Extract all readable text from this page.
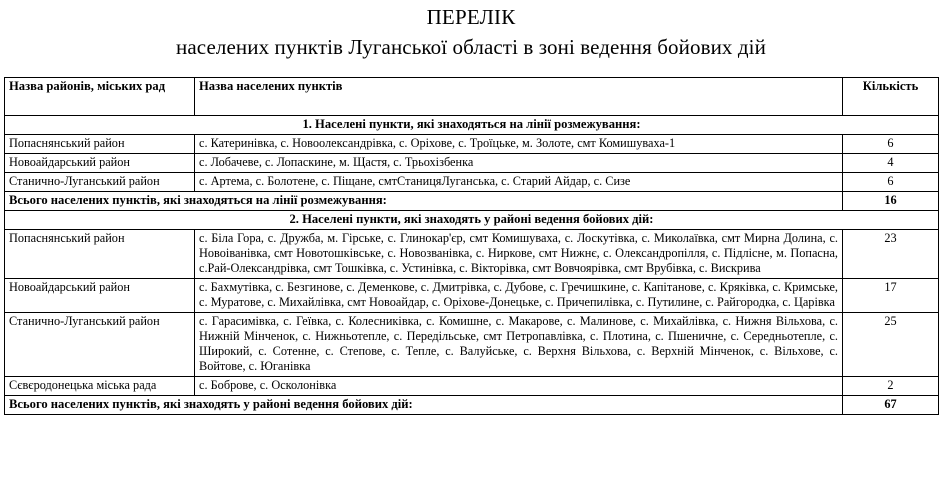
ПЕРЕЛІК
населених пунктів Луганської області в зоні ведення бойових дій
Назва районів, міських рад	Назва населених пунктів	Кількість
1. Населені пункти, які знаходяться на лінії розмежування:		
Попаснянський район	с. Катеринівка, с. Новоолександрівка, с. Оріхове, с. Троїцьке, м. Золоте, смт Комишуваха-1	6
Новоайдарський район	с. Лобачеве, с. Лопаскине, м. Щастя, с. Трьохізбенка	4
Станично-Луганський район	с. Артема, с. Болотене, с. Піщане, смтСтаницяЛуганська, с. Старий Айдар, с. Сизе	6
Всього населених пунктів, які знаходяться на лінії розмежування:		16
2. Населені пункти, які знаходять у районі ведення бойових дій:		
Попаснянський район	с. Біла Гора, с. Дружба, м. Гірське, с. Глинокар'єр, смт Комишуваха, с. Лоскутівка, с. Миколаївка, смт Мирна Долина, с. Новоіванівка, смт Новотошківське, с. Новозванівка, с. Ниркове, смт Нижнє, с. Олександропілля, с. Підлісне, м. Попасна, с.Рай-Олександрівка, смт Тошківка, с. Устинівка, с. Вікторівка, смт Вовчоярівка, смт Врубівка, с. Вискрива	23
Новоайдарський район	с. Бахмутівка, с. Безгинове, с. Деменкове, с. Дмитрівка, с. Дубове, с. Гречишкине, с. Капітанове, с. Кряківка, с. Кримське, с. Муратове, с. Михайлівка, смт Новоайдар, с. Оріхове-Донецьке, с. Причепилівка, с. Путилине, с. Райгородка, с. Царівка	17
Станично-Луганський район	с. Гарасимівка, с. Геївка, с. Колесниківка, с. Комишне, с. Макарове, с. Малинове, с. Михайлівка, с. Нижня Вільхова, с. Нижній Мінченок, с. Нижньотепле, с. Передільське, смт Петропавлівка, с. Плотина, с. Пшеничне, с. Середньотепле, с. Широкий, с. Сотенне, с. Степове, с. Тепле, с. Валуйське, с. Верхня Вільхова, с. Верхній Мінченок, с. Вільхове, с. Войтове, с. Юганівка	25
Сєвєродонецька міська рада	с. Боброве, с. Осколонівка	2
Всього населених пунктів, які знаходять у районі ведення бойових дій:		67
